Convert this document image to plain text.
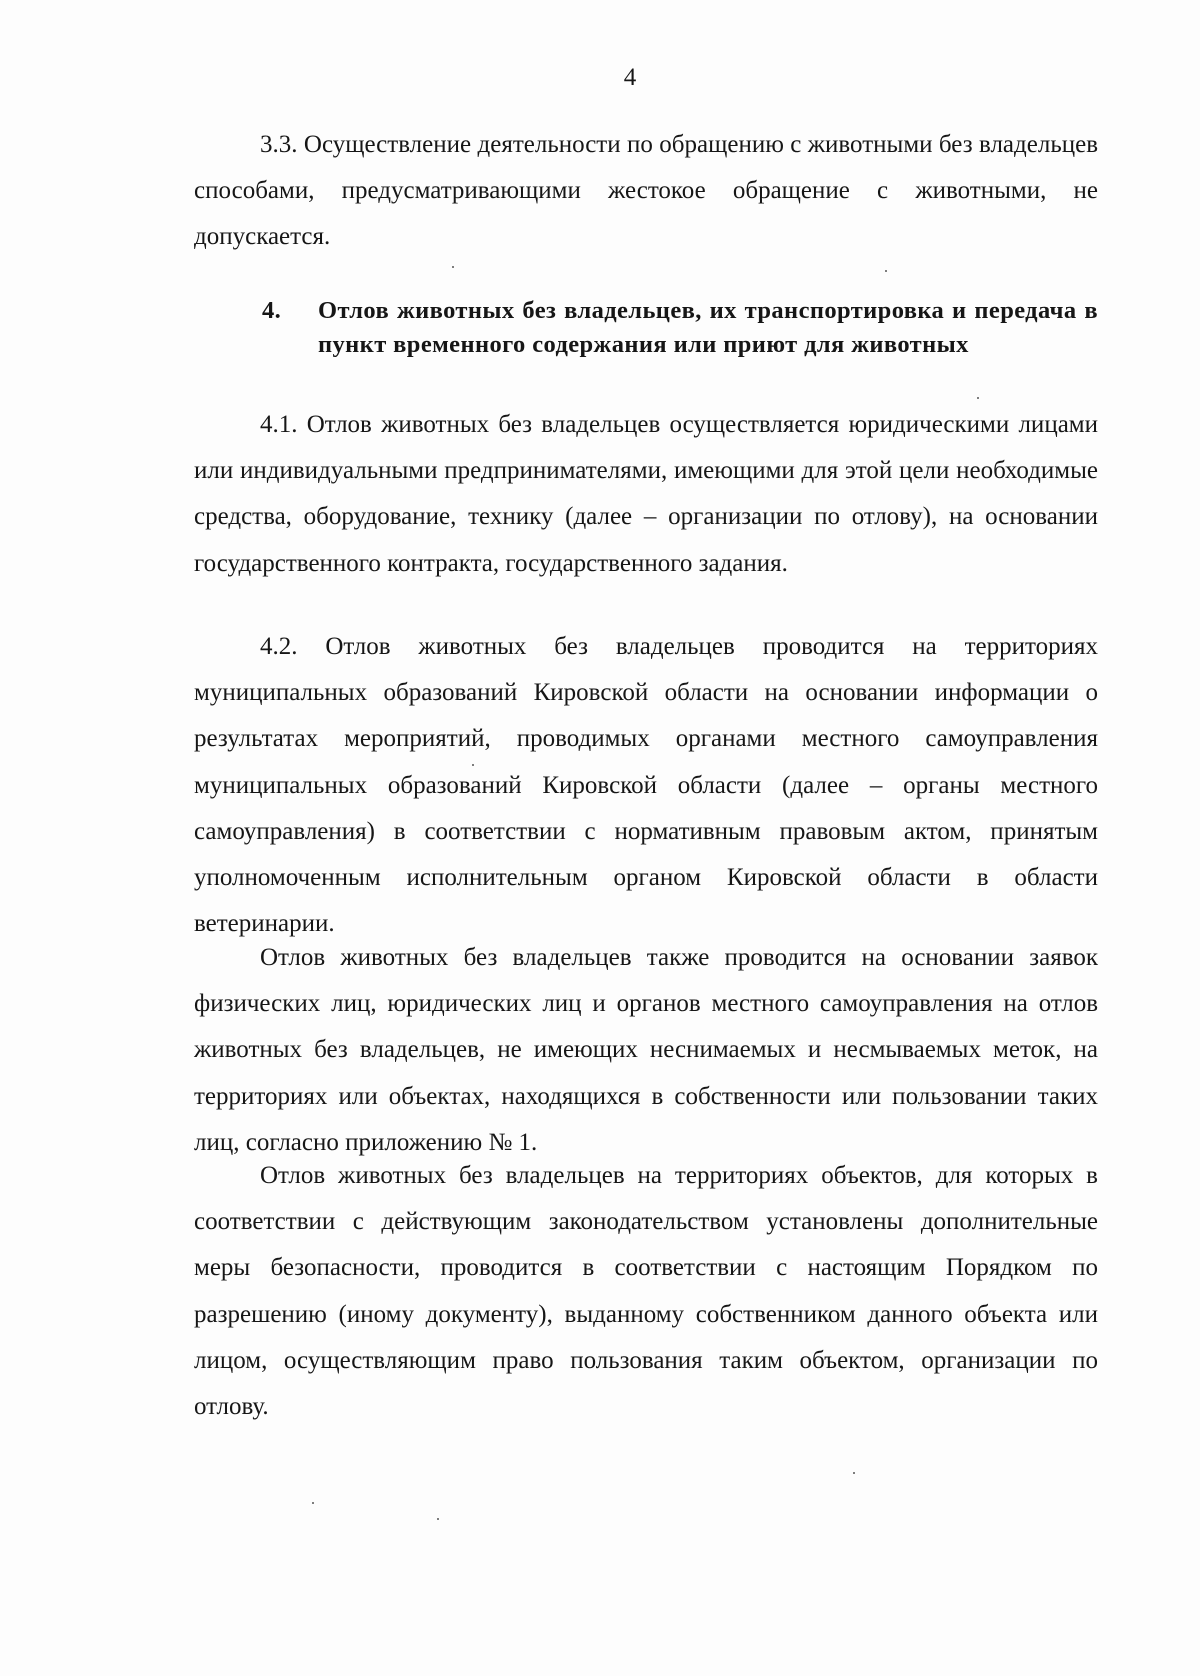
4

3.3. Осуществление деятельности по обращению с животными без владельцев способами, предусматривающими жестокое обращение с животными, не допускается.

4. Отлов животных без владельцев, их транспортировка и передача в пункт временного содержания или приют для животных

4.1. Отлов животных без владельцев осуществляется юридическими лицами или индивидуальными предпринимателями, имеющими для этой цели необходимые средства, оборудование, технику (далее – организации по отлову), на основании государственного контракта, государственного задания.

4.2. Отлов животных без владельцев проводится на территориях муниципальных образований Кировской области на основании информации о результатах мероприятий, проводимых органами местного самоуправления муниципальных образований Кировской области (далее – органы местного самоуправления) в соответствии с нормативным правовым актом, принятым уполномоченным исполнительным органом Кировской области в области ветеринарии.

Отлов животных без владельцев также проводится на основании заявок физических лиц, юридических лиц и органов местного самоуправления на отлов животных без владельцев, не имеющих неснимаемых и несмываемых меток, на территориях или объектах, находящихся в собственности или пользовании таких лиц, согласно приложению № 1.

Отлов животных без владельцев на территориях объектов, для которых в соответствии с действующим законодательством установлены дополнительные меры безопасности, проводится в соответствии с настоящим Порядком по разрешению (иному документу), выданному собственником данного объекта или лицом, осуществляющим право пользования таким объектом, организации по отлову.
